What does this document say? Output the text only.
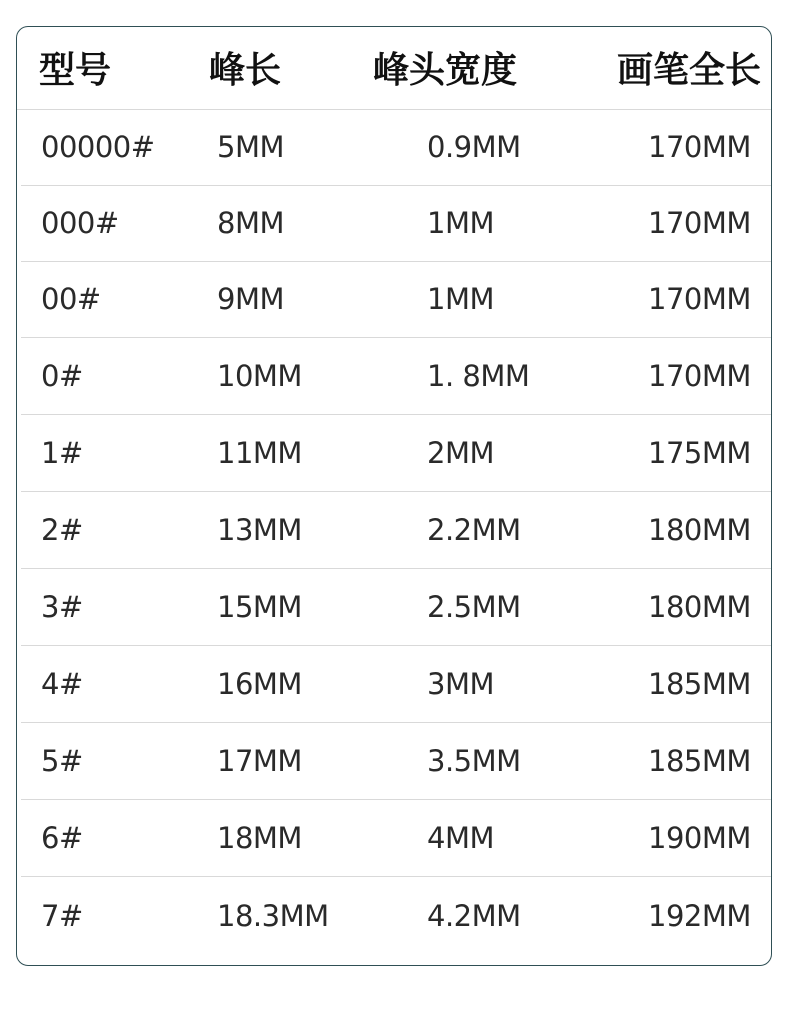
型号	峰长	峰头宽度	画笔全长
00000# 5MM	0.9MM	170MM
000#	8MM	1MM	170MM
00#	9MM	1MM	170MM
0#	10MM	1. 8MM	170MM
1#	11MM	2MM	175MM
2#	13MM	2.2MM	180MM
3#	15MM	2.5MM	180MM
4#	16MM	3MM	185MM
5#	17MM	3.5MM	185MM
6#	18MM	4MM	190MM
7#	18.3MM	4.2MM	192MM
